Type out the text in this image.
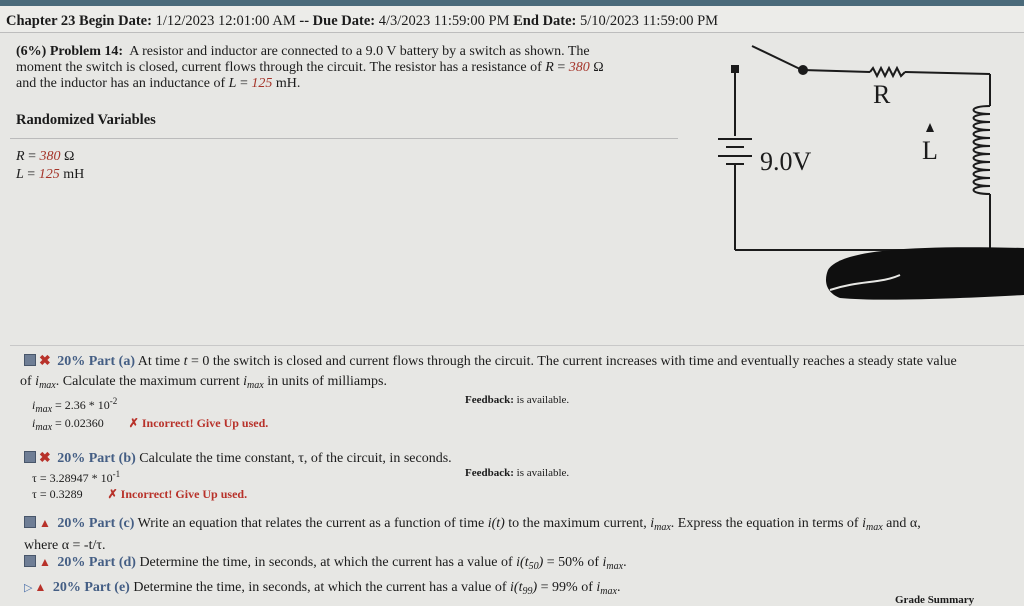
Chapter 23 Begin Date: 1/12/2023 12:01:00 AM -- Due Date: 4/3/2023 11:59:00 PM End Date: 5/10/2023 11:59:00 PM
(6%) Problem 14: A resistor and inductor are connected to a 9.0 V battery by a switch as shown. The
moment the switch is closed, current flows through the circuit. The resistor has a resistance of R = 380 Ω
and the inductor has an inductance of L = 125 mH.
Randomized Variables
R = 380 Ω
L = 125 mH	9.0V
R
L
✖ 20% Part (a) At time t = 0 the switch is closed and current flows through the circuit. The current increases with time and eventually reaches a steady state value
of $i_{max}$. Calculate the maximum current $i_{max}$ in units of milliamps.
$i_{max} = 2.36 * 10^{-2}$
$i_{max} = 0.02360$ ✗ Incorrect! Give Up used.
Feedback: is available.
✖ 20% Part (b) Calculate the time constant, τ, of the circuit, in seconds.
$\tau = 3.28947 * 10^{-1}$
τ = 0.3289 ✗ Incorrect! Give Up used.
Feedback: is available.
▲ 20% Part (c) Write an equation that relates the current as a function of time i(t) to the maximum current, $i_{max}$. Express the equation in terms of $i_{max}$ and α,
where α = -t/τ.
▲ 20% Part (d) Determine the time, in seconds, at which the current has a value of $i(t_{50}) = 50\%$ of $i_{max}$.
▷ ▲ 20% Part (e) Determine the time, in seconds, at which the current has a value of $i(t_{99}) = 99\%$ of $i_{max}$.
Grade Summary
